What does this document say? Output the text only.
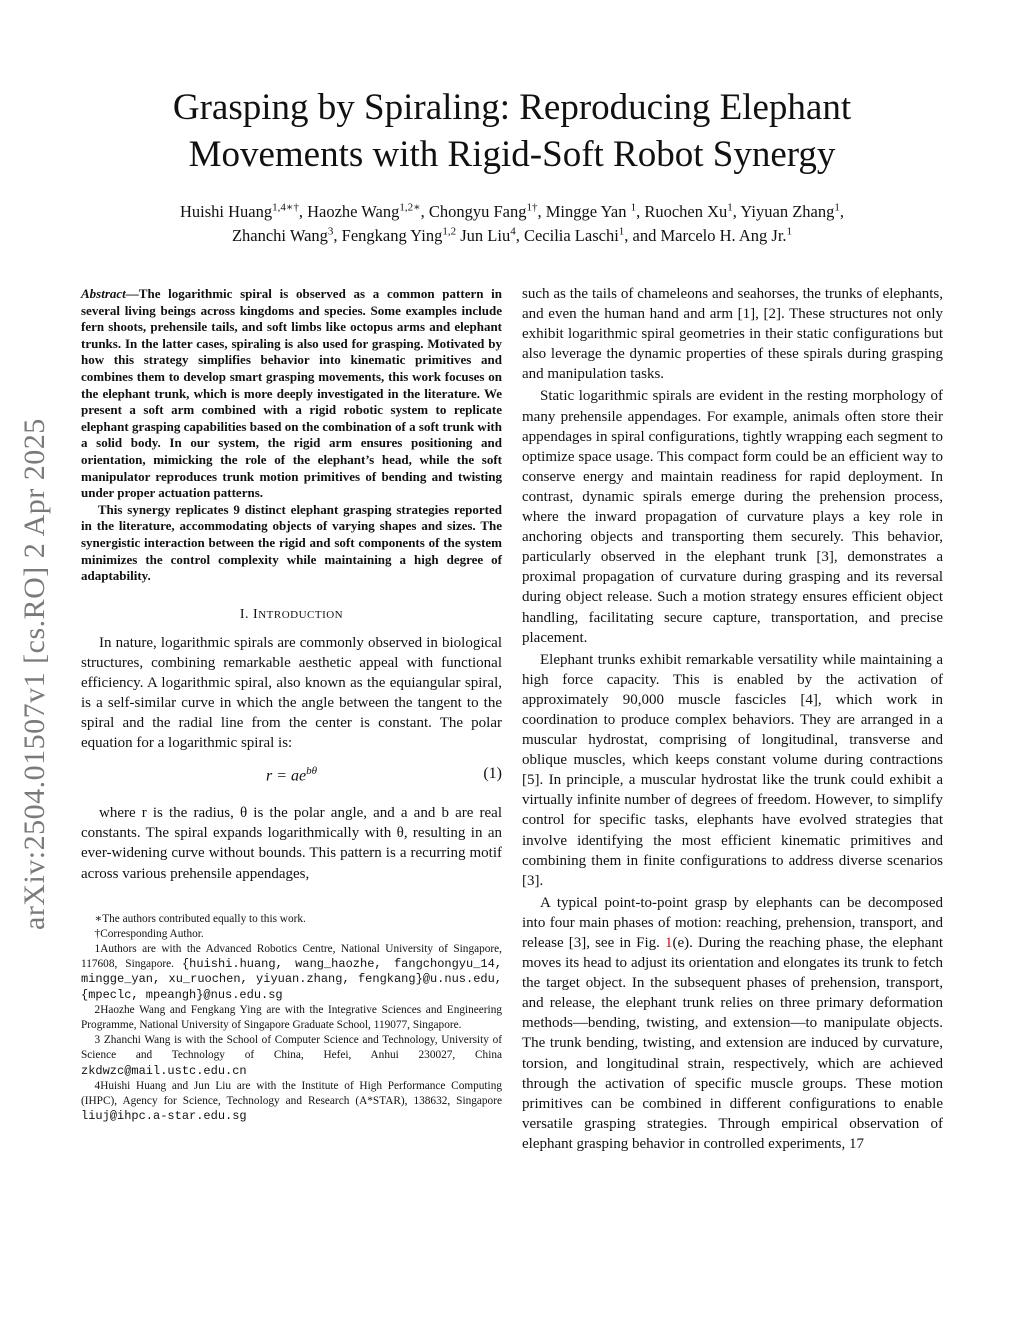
Grasping by Spiraling: Reproducing Elephant
Movements with Rigid-Soft Robot Synergy
Huishi Huang$^{1,4∗\dagger}$, Haozhe Wang$^{1,2∗}$, Chongyu Fang$^{1\dagger}$, Mingge Yan $^1$, Ruochen Xu$^1$, Yiyuan Zhang$^1$,
Zhanchi Wang$^3$, Fengkang Ying$^{1,2}$ Jun Liu$^4$, Cecilia Laschi$^1$, and Marcelo H. Ang Jr.$^1$
arXiv:2504.01507v1 [cs.RO] 2 Apr 2025

Abstract—The logarithmic spiral is observed as a common pattern in several living beings across kingdoms and species. Some examples include fern shoots, prehensile tails, and soft limbs like octopus arms and elephant trunks. In the latter cases, spiraling is also used for grasping. Motivated by how this strategy simplifies behavior into kinematic primitives and combines them to develop smart grasping movements, this work focuses on the elephant trunk, which is more deeply investigated in the literature. We present a soft arm combined with a rigid robotic system to replicate elephant grasping capabilities based on the combination of a soft trunk with a solid body. In our system, the rigid arm ensures positioning and orientation, mimicking the role of the elephant’s head, while the soft manipulator reproduces trunk motion primitives of bending and twisting under proper actuation patterns.

This synergy replicates 9 distinct elephant grasping strategies reported in the literature, accommodating objects of varying shapes and sizes. The synergistic interaction between the rigid and soft components of the system minimizes the control complexity while maintaining a high degree of adaptability.

I. INTRODUCTION

In nature, logarithmic spirals are commonly observed in biological structures, combining remarkable aesthetic appeal with functional efficiency. A logarithmic spiral, also known as the equiangular spiral, is a self-similar curve in which the angle between the tangent to the spiral and the radial line from the center is constant. The polar equation for a logarithmic spiral is:

$r = ae^{b\theta}$	(1)

where r is the radius, θ is the polar angle, and a and b are real constants. The spiral expands logarithmically with θ, resulting in an ever-widening curve without bounds. This pattern is a recurring motif across various prehensile appendages,

∗The authors contributed equally to this work.

†Corresponding Author.

1Authors are with the Advanced Robotics Centre, National University of Singapore, 117608, Singapore. {huishi.huang, wang_haozhe, fangchongyu_14, mingge_yan, xu_ruochen, yiyuan.zhang, fengkang}@u.nus.edu, {mpeclc, mpeangh}@nus.edu.sg

2Haozhe Wang and Fengkang Ying are with the Integrative Sciences and Engineering Programme, National University of Singapore Graduate School, 119077, Singapore.

3 Zhanchi Wang is with the School of Computer Science and Technology, University of Science and Technology of China, Hefei, Anhui 230027, China zkdwzc@mail.ustc.edu.cn

4Huishi Huang and Jun Liu are with the Institute of High Performance Computing (IHPC), Agency for Science, Technology and Research (A*STAR), 138632, Singapore liuj@ihpc.a-star.edu.sg

such as the tails of chameleons and seahorses, the trunks of elephants, and even the human hand and arm [1], [2]. These structures not only exhibit logarithmic spiral geometries in their static configurations but also leverage the dynamic properties of these spirals during grasping and manipulation tasks.

Static logarithmic spirals are evident in the resting morphology of many prehensile appendages. For example, animals often store their appendages in spiral configurations, tightly wrapping each segment to optimize space usage. This compact form could be an efficient way to conserve energy and maintain readiness for rapid deployment. In contrast, dynamic spirals emerge during the prehension process, where the inward propagation of curvature plays a key role in anchoring objects and transporting them securely. This behavior, particularly observed in the elephant trunk [3], demonstrates a proximal propagation of curvature during grasping and its reversal during object release. Such a motion strategy ensures efficient object handling, facilitating secure capture, transportation, and precise placement.

Elephant trunks exhibit remarkable versatility while maintaining a high force capacity. This is enabled by the activation of approximately 90,000 muscle fascicles [4], which work in coordination to produce complex behaviors. They are arranged in a muscular hydrostat, comprising of longitudinal, transverse and oblique muscles, which keeps constant volume during contractions [5]. In principle, a muscular hydrostat like the trunk could exhibit a virtually infinite number of degrees of freedom. However, to simplify control for specific tasks, elephants have evolved strategies that involve identifying the most efficient kinematic primitives and combining them in finite configurations to address diverse scenarios [3].

A typical point-to-point grasp by elephants can be decomposed into four main phases of motion: reaching, prehension, transport, and release [3], see in Fig. 1(e). During the reaching phase, the elephant moves its head to adjust its orientation and elongates its trunk to fetch the target object. In the subsequent phases of prehension, transport, and release, the elephant trunk relies on three primary deformation methods—bending, twisting, and extension—to manipulate objects. The trunk bending, twisting, and extension are induced by curvature, torsion, and longitudinal strain, respectively, which are achieved through the activation of specific muscle groups. These motion primitives can be combined in different configurations to enable versatile grasping strategies. Through empirical observation of elephant grasping behavior in controlled experiments, 17
